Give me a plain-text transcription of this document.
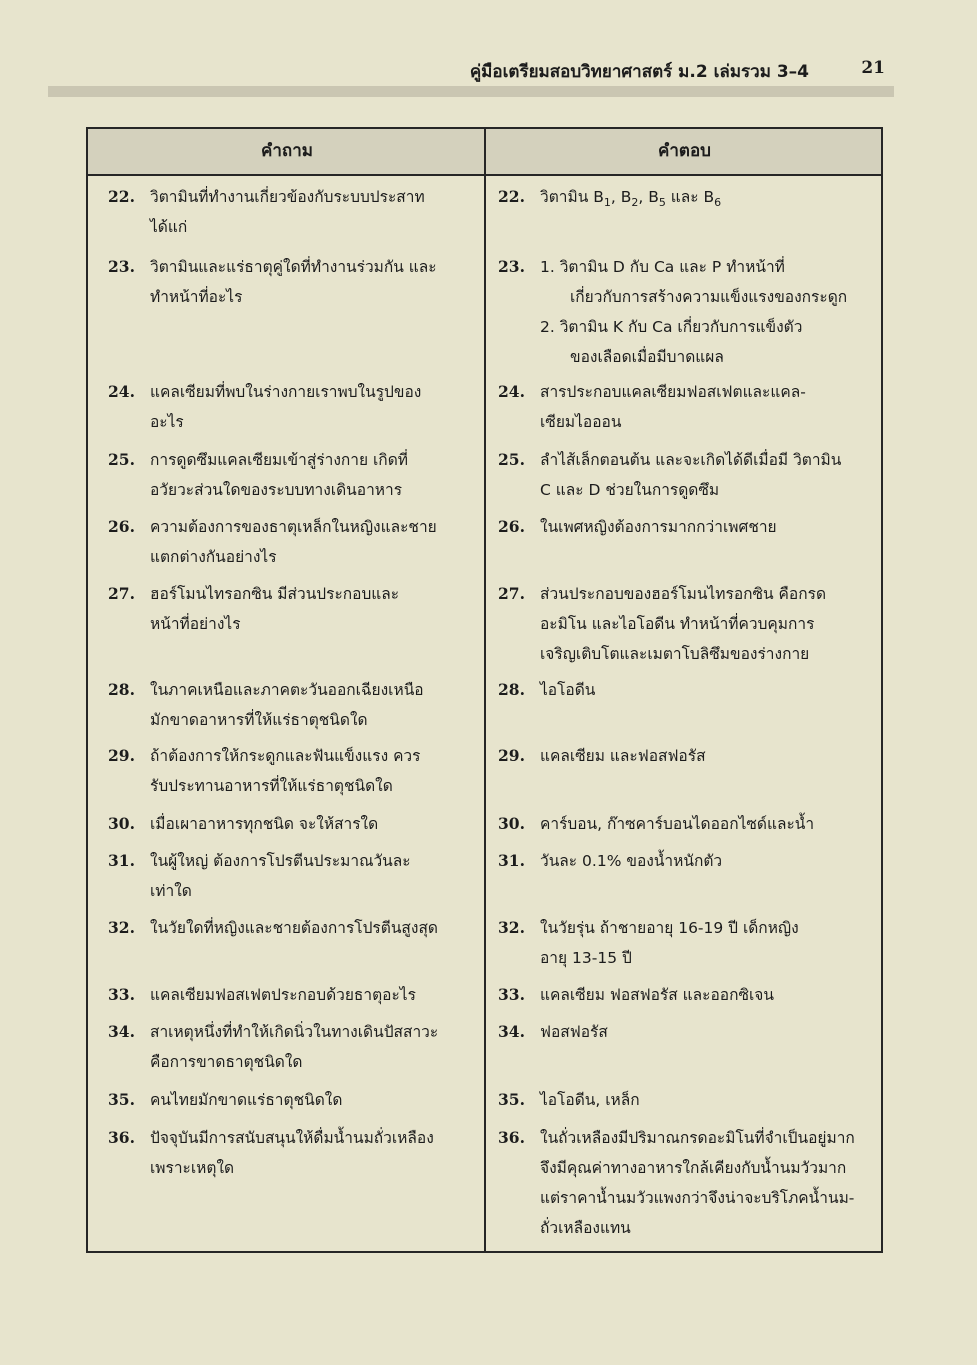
คู่มือเตรียมสอบวิทยาศาสตร์ ม.2 เล่มรวม 3–4	21
คำถาม	คำตอบ
22. วิตามินที่ทำงานเกี่ยวข้องกับระบบประสาท
ได้แก่
22. วิตามิน $B_1$, $B_2$, $B_5$ และ $B_6$
23. วิตามินและแร่ธาตุคู่ใดที่ทำงานร่วมกัน และ
ทำหน้าที่อะไร
23. 1. วิตามิน D กับ Ca และ P ทำหน้าที่
เกี่ยวกับการสร้างความแข็งแรงของกระดูก
2. วิตามิน K กับ Ca เกี่ยวกับการแข็งตัว
ของเลือดเมื่อมีบาดแผล
24. แคลเซียมที่พบในร่างกายเราพบในรูปของ
อะไร
24. สารประกอบแคลเซียมฟอสเฟตและแคล-
เซียมไอออน
25. การดูดซึมแคลเซียมเข้าสู่ร่างกาย เกิดที่
อวัยวะส่วนใดของระบบทางเดินอาหาร
25. ลำไส้เล็กตอนต้น และจะเกิดได้ดีเมื่อมี วิตามิน
C และ D ช่วยในการดูดซึม
26. ความต้องการของธาตุเหล็กในหญิงและชาย
แตกต่างกันอย่างไร
26. ในเพศหญิงต้องการมากกว่าเพศชาย
27. ฮอร์โมนไทรอกซิน มีส่วนประกอบและ
หน้าที่อย่างไร
27. ส่วนประกอบของฮอร์โมนไทรอกซิน คือกรด
อะมิโน และไอโอดีน ทำหน้าที่ควบคุมการ
เจริญเติบโตและเมตาโบลิซึมของร่างกาย
28. ในภาคเหนือและภาคตะวันออกเฉียงเหนือ
มักขาดอาหารที่ให้แร่ธาตุชนิดใด
28. ไอโอดีน
29. ถ้าต้องการให้กระดูกและฟันแข็งแรง ควร
รับประทานอาหารที่ให้แร่ธาตุชนิดใด
29. แคลเซียม และฟอสฟอรัส
30. เมื่อเผาอาหารทุกชนิด จะให้สารใด	30. คาร์บอน, ก๊าซคาร์บอนไดออกไซด์และน้ำ
31. ในผู้ใหญ่ ต้องการโปรตีนประมาณวันละ
เท่าใด
31. วันละ 0.1% ของน้ำหนักตัว
32. ในวัยใดที่หญิงและชายต้องการโปรตีนสูงสุด	32. ในวัยรุ่น ถ้าชายอายุ 16-19 ปี เด็กหญิง
อายุ 13-15 ปี
33. แคลเซียมฟอสเฟตประกอบด้วยธาตุอะไร	33. แคลเซียม ฟอสฟอรัส และออกซิเจน
34. สาเหตุหนึ่งที่ทำให้เกิดนิ่วในทางเดินปัสสาวะ
คือการขาดธาตุชนิดใด
34. ฟอสฟอรัส
35. คนไทยมักขาดแร่ธาตุชนิดใด	35. ไอโอดีน, เหล็ก
36. ปัจจุบันมีการสนับสนุนให้ดื่มน้ำนมถั่วเหลือง
เพราะเหตุใด
36. ในถั่วเหลืองมีปริมาณกรดอะมิโนที่จำเป็นอยู่มาก
จึงมีคุณค่าทางอาหารใกล้เคียงกับน้ำนมวัวมาก
แต่ราคาน้ำนมวัวแพงกว่าจึงน่าจะบริโภคน้ำนม-
ถั่วเหลืองแทน
